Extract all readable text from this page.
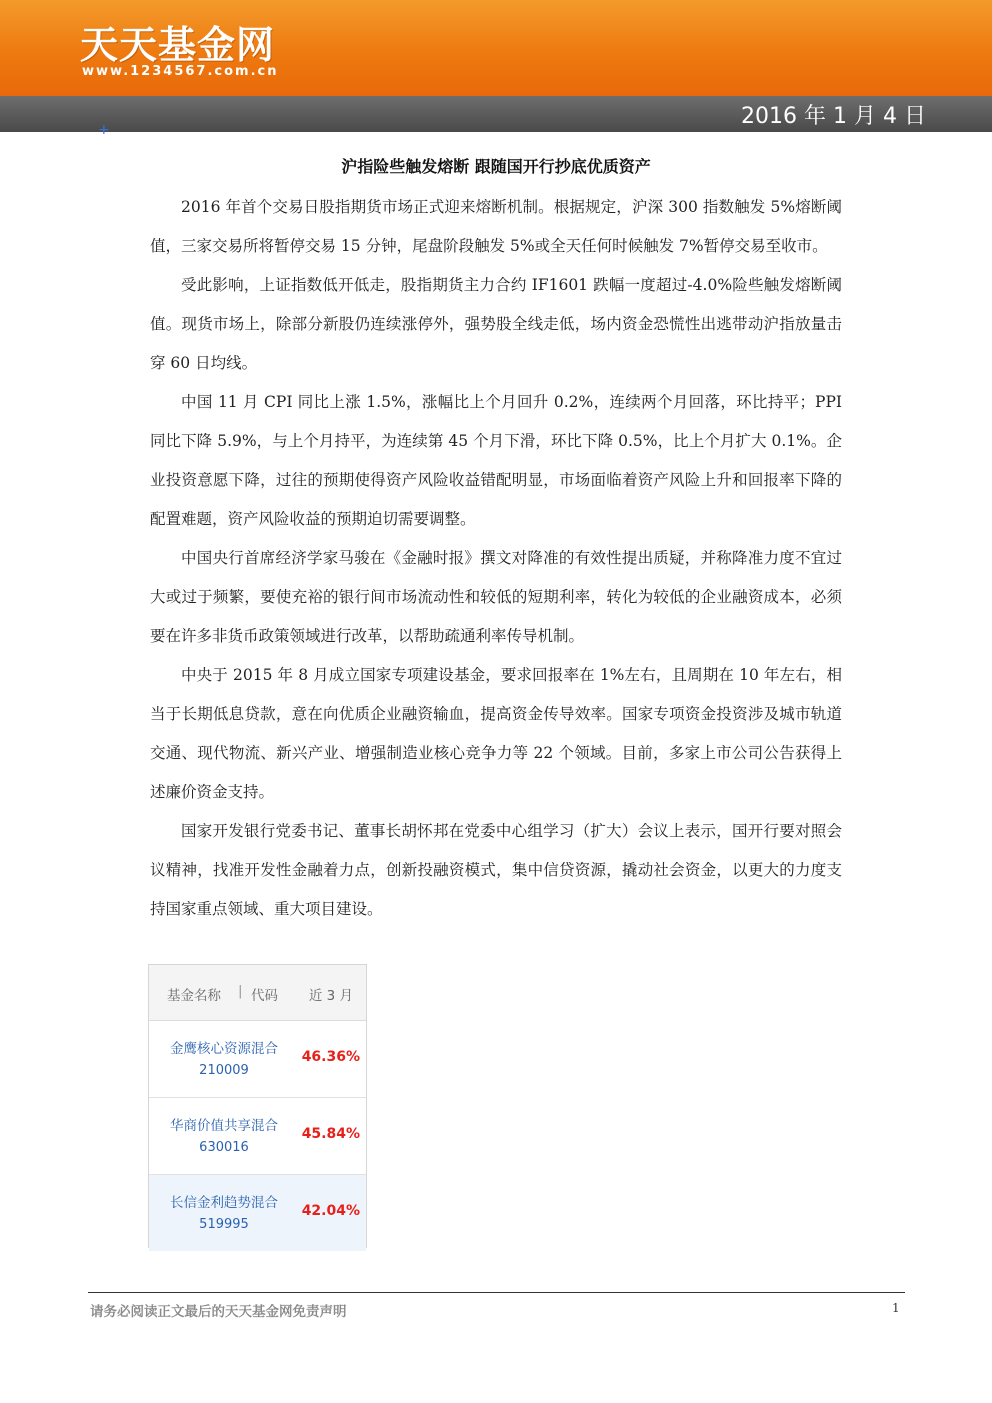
天天基金网
www.1234567.com.cn
2016 年 1 月 4 日
+
沪指险些触发熔断 跟随国开行抄底优质资产

2016 年首个交易日股指期货市场正式迎来熔断机制。根据规定，沪深 300 指数触发 5%熔断阈值，三家交易所将暂停交易 15 分钟，尾盘阶段触发 5%或全天任何时候触发 7%暂停交易至收市。

受此影响，上证指数低开低走，股指期货主力合约 IF1601 跌幅一度超过-4.0%险些触发熔断阈值。现货市场上，除部分新股仍连续涨停外，强势股全线走低，场内资金恐慌性出逃带动沪指放量击穿 60 日均线。

中国 11 月 CPI 同比上涨 1.5%，涨幅比上个月回升 0.2%，连续两个月回落，环比持平；PPI 同比下降 5.9%，与上个月持平，为连续第 45 个月下滑，环比下降 0.5%，比上个月扩大 0.1%。企业投资意愿下降，过往的预期使得资产风险收益错配明显，市场面临着资产风险上升和回报率下降的配置难题，资产风险收益的预期迫切需要调整。

中国央行首席经济学家马骏在《金融时报》撰文对降准的有效性提出质疑，并称降准力度不宜过大或过于频繁，要使充裕的银行间市场流动性和较低的短期利率，转化为较低的企业融资成本，必须要在许多非货币政策领域进行改革，以帮助疏通利率传导机制。

中央于 2015 年 8 月成立国家专项建设基金，要求回报率在 1%左右，且周期在 10 年左右，相当于长期低息贷款，意在向优质企业融资输血，提高资金传导效率。国家专项资金投资涉及城市轨道交通、现代物流、新兴产业、增强制造业核心竞争力等 22 个领域。目前，多家上市公司公告获得上述廉价资金支持。

国家开发银行党委书记、董事长胡怀邦在党委中心组学习（扩大）会议上表示，国开行要对照会议精神，找准开发性金融着力点，创新投融资模式，集中信贷资源，撬动社会资金，以更大的力度支持国家重点领域、重大项目建设。

基金名称 | 代码 近 3 月
金鹰核心资源混合
210009
46.36%
华商价值共享混合
630016
45.84%
长信金利趋势混合
519995
42.04%
请务必阅读正文最后的天天基金网免责声明	1
